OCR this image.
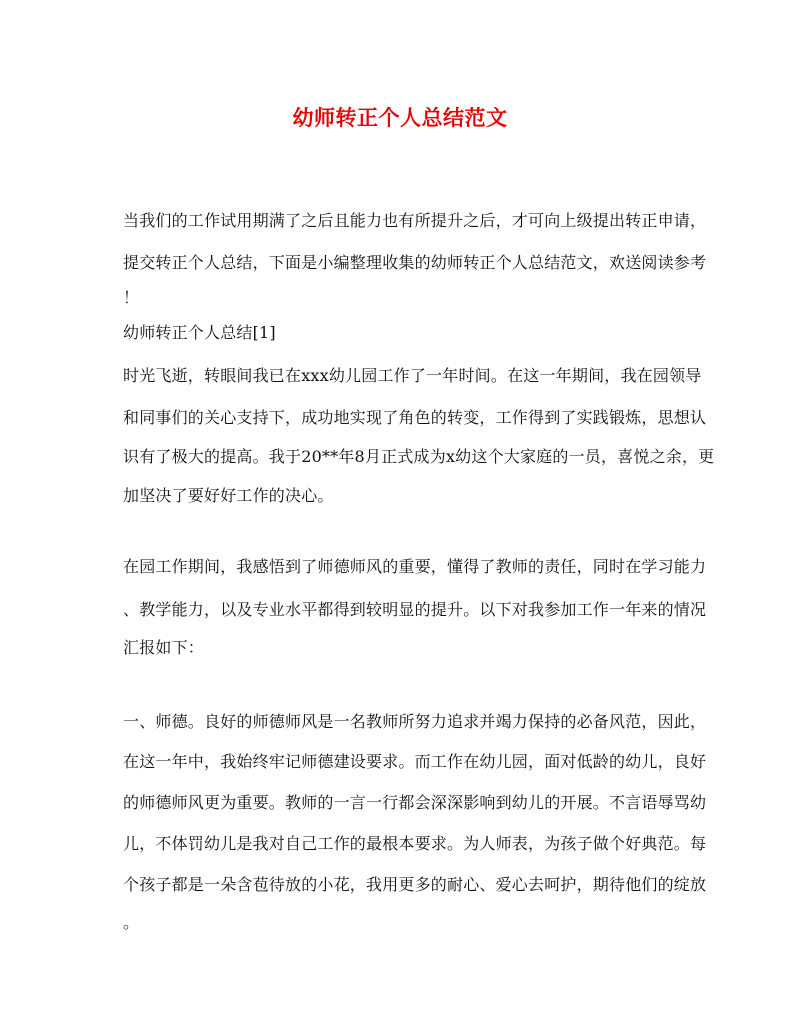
幼师转正个人总结范文
当我们的工作试用期满了之后且能力也有所提升之后，才可向上级提出转正申请，
提交转正个人总结，下面是小编整理收集的幼师转正个人总结范文，欢送阅读参考
！
幼师转正个人总结[1]
时光飞逝，转眼间我已在xxx幼儿园工作了一年时间。在这一年期间，我在园领导
和同事们的关心支持下，成功地实现了角色的转变，工作得到了实践锻炼，思想认
识有了极大的提高。我于20**年8月正式成为x幼这个大家庭的一员，喜悦之余，更
加坚决了要好好工作的决心。
在园工作期间，我感悟到了师德师风的重要，懂得了教师的责任，同时在学习能力
、教学能力，以及专业水平都得到较明显的提升。以下对我参加工作一年来的情况
汇报如下：
一、师德。良好的师德师风是一名教师所努力追求并竭力保持的必备风范，因此，
在这一年中，我始终牢记师德建设要求。而工作在幼儿园，面对低龄的幼儿，良好
的师德师风更为重要。教师的一言一行都会深深影响到幼儿的开展。不言语辱骂幼
儿，不体罚幼儿是我对自己工作的最根本要求。为人师表，为孩子做个好典范。每
个孩子都是一朵含苞待放的小花，我用更多的耐心、爱心去呵护，期待他们的绽放
。
